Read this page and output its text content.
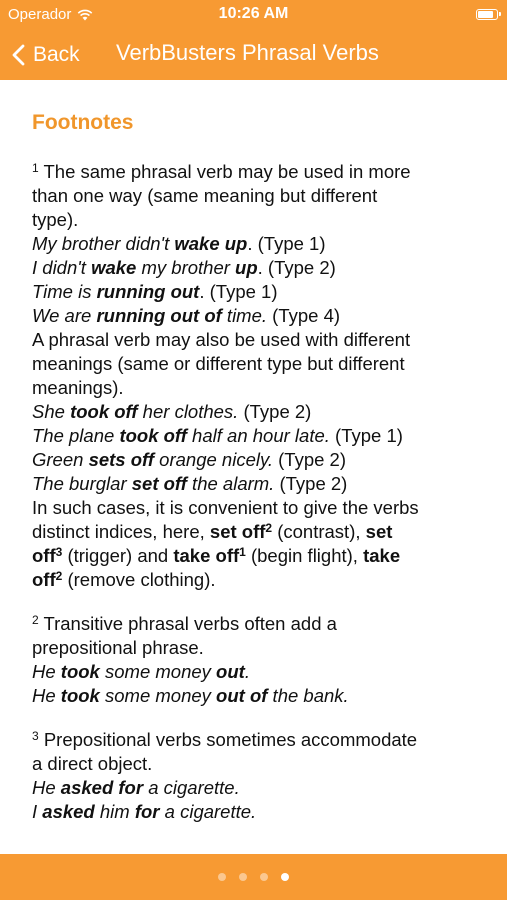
Operador	10:26 AM
Back VerbBusters Phrasal Verbs
Footnotes
$^1$ The same phrasal verb may be used in more
than one way (same meaning but different
type).
My brother didn't wake up. (Type 1)
I didn't wake my brother up. (Type 2)
Time is running out. (Type 1)
We are running out of time. (Type 4)
A phrasal verb may also be used with different
meanings (same or different type but different
meanings).
She took off her clothes. (Type 2)
The plane took off half an hour late. (Type 1)
Green sets off orange nicely. (Type 2)
The burglar set off the alarm. (Type 2)
In such cases, it is convenient to give the verbs
distinct indices, here, set off$^2$ (contrast), set
off$^3$ (trigger) and take off$^1$ (begin flight), take
off$^2$ (remove clothing).
$^2$ Transitive phrasal verbs often add a
prepositional phrase.
He took some money out.
He took some money out of the bank.
$^3$ Prepositional verbs sometimes accommodate
a direct object.
He asked for a cigarette.
I asked him for a cigarette.
